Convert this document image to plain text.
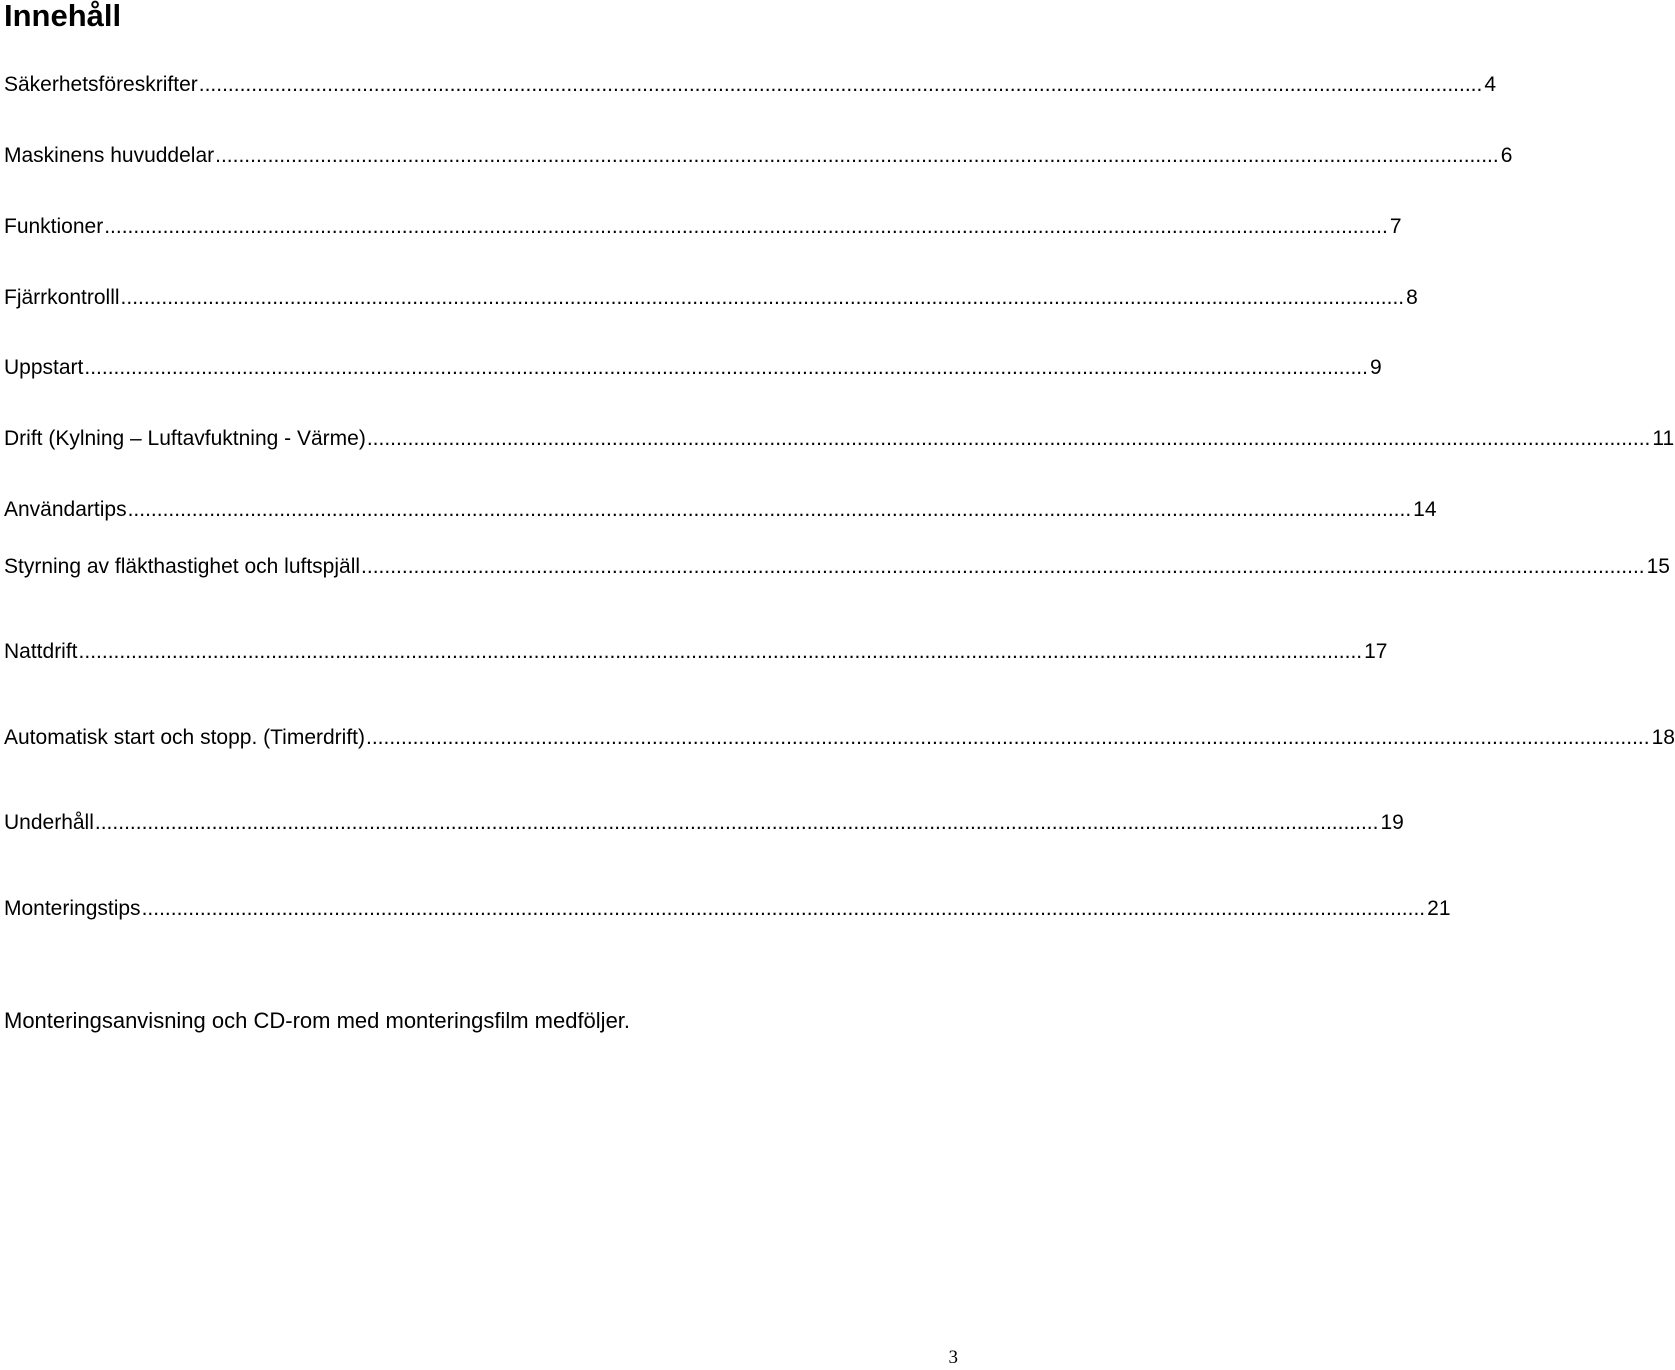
Innehåll
Säkerhetsföreskrifter ............................................................................................................................................................................................................................ 4
Maskinens huvuddelar ............................................................................................................................................................................................................................ 6
Funktioner ............................................................................................................................................................................................................................ 7
Fjärrkontrolll ............................................................................................................................................................................................................................ 8
Uppstart ............................................................................................................................................................................................................................ 9
Drift (Kylning – Luftavfuktning - Värme) ............................................................................................................................................................................................................................ 11
Användartips ............................................................................................................................................................................................................................ 14
Styrning av fläkthastighet och luftspjäll ............................................................................................................................................................................................................................ 15
Nattdrift ............................................................................................................................................................................................................................ 17
Automatisk start och stopp. (Timerdrift) ............................................................................................................................................................................................................................ 18
Underhåll ............................................................................................................................................................................................................................ 19
Monteringstips ............................................................................................................................................................................................................................ 21
Monteringsanvisning och CD-rom med monteringsfilm medföljer.
3
